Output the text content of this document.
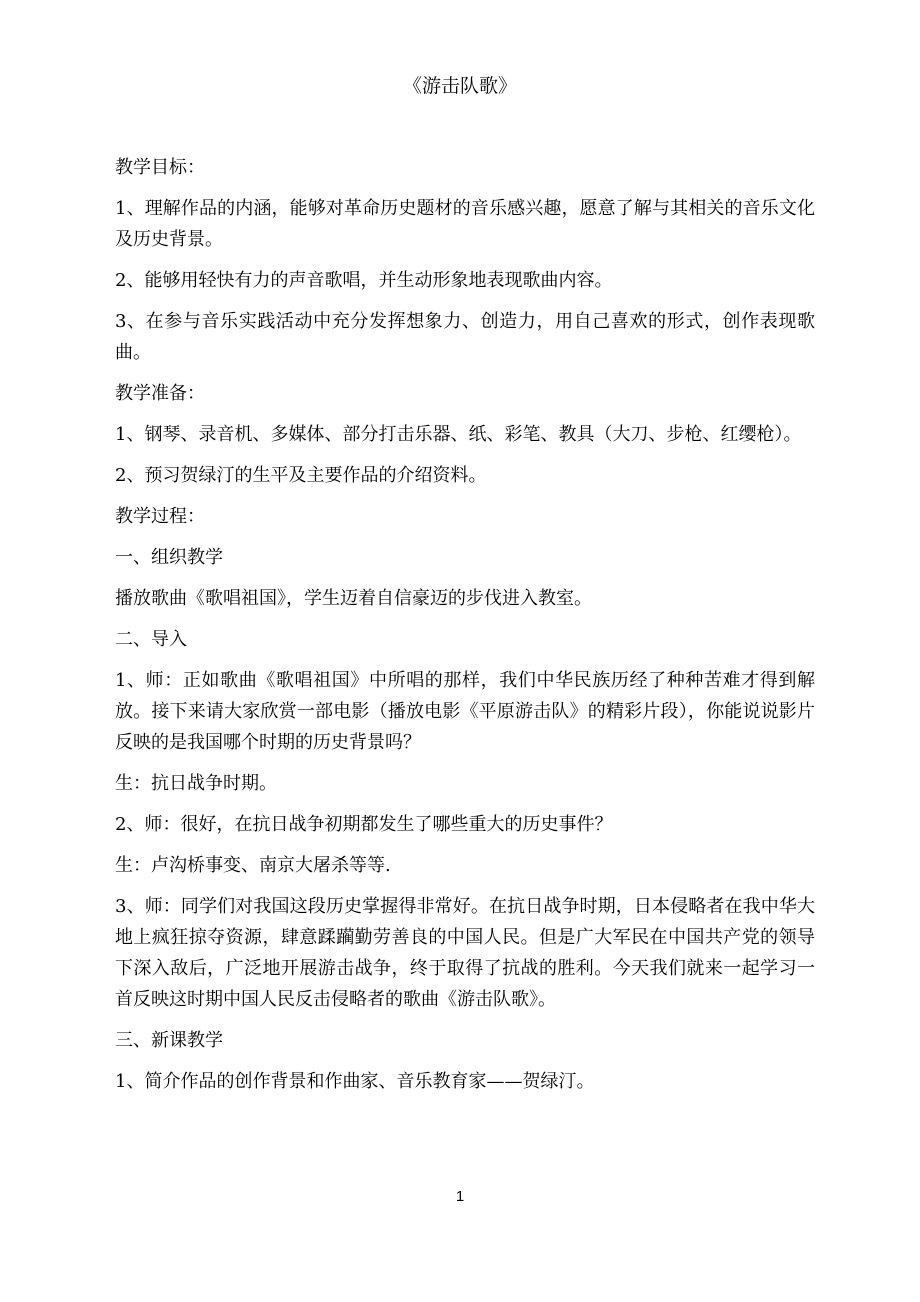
《游击队歌》

教学目标：

1、理解作品的内涵，能够对革命历史题材的音乐感兴趣，愿意了解与其相关的音乐文化及历史背景。

2、能够用轻快有力的声音歌唱，并生动形象地表现歌曲内容。

3、在参与音乐实践活动中充分发挥想象力、创造力，用自己喜欢的形式，创作表现歌曲。

教学准备：

1、钢琴、录音机、多媒体、部分打击乐器、纸、彩笔、教具（大刀、步枪、红缨枪）。

2、预习贺绿汀的生平及主要作品的介绍资料。

教学过程：

一、组织教学

播放歌曲《歌唱祖国》，学生迈着自信豪迈的步伐进入教室。

二、导入

1、师：正如歌曲《歌唱祖国》中所唱的那样，我们中华民族历经了种种苦难才得到解放。接下来请大家欣赏一部电影（播放电影《平原游击队》的精彩片段），你能说说影片反映的是我国哪个时期的历史背景吗？

生：抗日战争时期。

2、师：很好，在抗日战争初期都发生了哪些重大的历史事件？

生：卢沟桥事变、南京大屠杀等等.

3、师：同学们对我国这段历史掌握得非常好。在抗日战争时期，日本侵略者在我中华大地上疯狂掠夺资源，肆意蹂躏勤劳善良的中国人民。但是广大军民在中国共产党的领导下深入敌后，广泛地开展游击战争，终于取得了抗战的胜利。今天我们就来一起学习一首反映这时期中国人民反击侵略者的歌曲《游击队歌》。

三、新课教学

1、简介作品的创作背景和作曲家、音乐教育家——贺绿汀。

1
